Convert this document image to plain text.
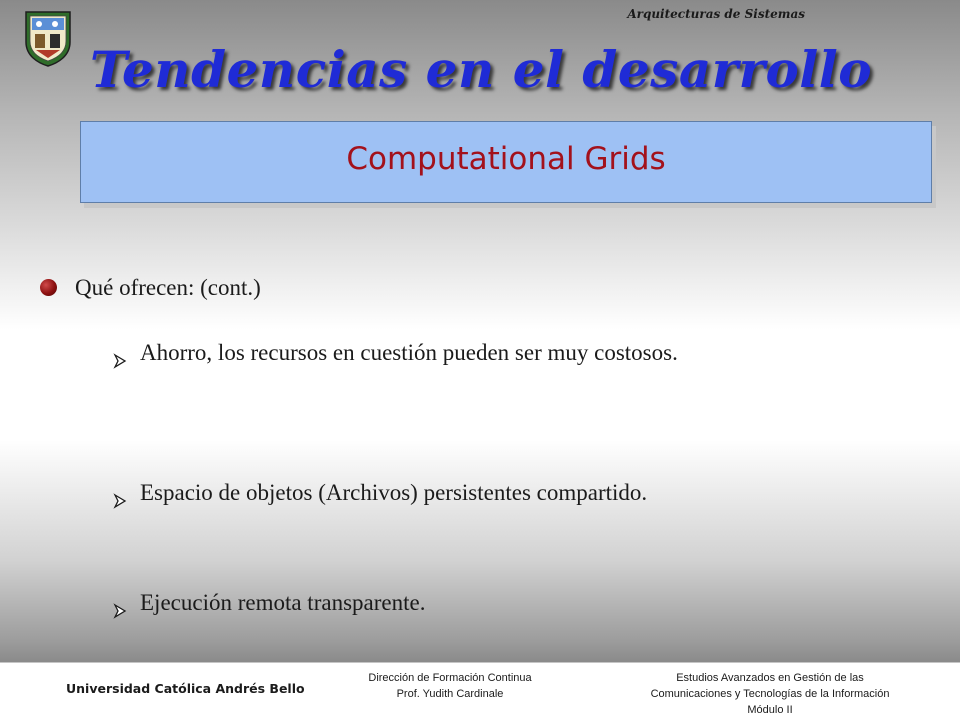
Arquitecturas de Sistemas
Tendencias en el desarrollo
Computational Grids
Qué ofrecen: (cont.)
Ahorro, los recursos en cuestión pueden ser muy costosos.
Espacio de objetos (Archivos) persistentes compartido.
Ejecución remota transparente.
Universidad Católica Andrés Bello
Dirección de Formación Continua
Prof. Yudith Cardinale
Estudios Avanzados en Gestión de las
Comunicaciones y Tecnologías de la Información
Módulo II
